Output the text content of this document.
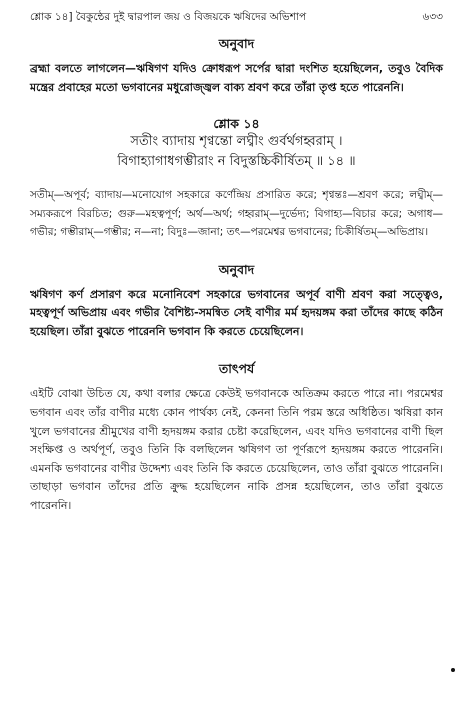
শ্লোক ১৪] বৈকুন্ঠের দুই দ্বারপাল জয় ও বিজয়কে ঋষিদের অভিশাপ	৬৩৩
অনুবাদ

ব্রহ্মা বলতে লাগলেন—ঋষিগণ যদিও ক্রোধরূপ সর্পের দ্বারা দংশিত হয়েছিলেন, তবুও বৈদিক মন্ত্রের প্রবাহের মতো ভগবানের মধুরোজ্জ্বল বাক্য শ্রবণ করে তাঁরা তৃপ্ত হতে পারেননি।

শ্লোক ১৪
সতীং ব্যাদায় শৃণ্বন্তো লঘ্বীং গুর্বর্থগহ্বরাম্ ।
বিগাহ্যাগাধগম্ভীরাং ন বিদুস্তচ্চিকীর্ষিতম্ ॥ ১৪ ॥

সতীম্—অপূর্ব; ব্যাদায়—মনোযোগ সহকারে কর্ণেন্দ্রিয় প্রসারিত করে; শৃণ্বন্তঃ—শ্রবণ করে; লঘ্বীম্—সম্যকরূপে বিরচিত; গুরু—মহত্বপূর্ণ; অর্থ—অর্থ; গহ্বরাম্—দুর্ভেদ্য; বিগাহ্য—বিচার করে; অগাধ—গভীর; গম্ভীরাম্—গম্ভীর; ন—না; বিদুঃ—জানা; তৎ—পরমেশ্বর ভগবানের; চিকীর্ষিতম্—অভিপ্রায়।

অনুবাদ

ঋষিগণ কর্ণ প্রসারণ করে মনোনিবেশ সহকারে ভগবানের অপূর্ব বাণী শ্রবণ করা সত্ত্বেও, মহত্বপূর্ণ অভিপ্রায় এবং গভীর বৈশিষ্ট্য-সমন্বিত সেই বাণীর মর্ম হৃদয়ঙ্গম করা তাঁদের কাছে কঠিন হয়েছিল। তাঁরা বুঝতে পারেননি ভগবান কি করতে চেয়েছিলেন।

তাৎপর্য

এইটি বোঝা উচিত যে, কথা বলার ক্ষেত্রে কেউই ভগবানকে অতিক্রম করতে পারে না। পরমেশ্বর ভগবান এবং তাঁর বাণীর মধ্যে কোন পার্থক্য নেই, কেননা তিনি পরম স্তরে অধিষ্ঠিত। ঋষিরা কান খুলে ভগবানের শ্রীমুখের বাণী হৃদয়ঙ্গম করার চেষ্টা করেছিলেন, এবং যদিও ভগবানের বাণী ছিল সংক্ষিপ্ত ও অর্থপূর্ণ, তবুও তিনি কি বলছিলেন ঋষিগণ তা পূর্ণরূপে হৃদয়ঙ্গম করতে পারেননি। এমনকি ভগবানের বাণীর উদ্দেশ্য এবং তিনি কি করতে চেয়েছিলেন, তাও তাঁরা বুঝতে পারেননি। তাছাড়া ভগবান তাঁদের প্রতি ক্রুদ্ধ হয়েছিলেন নাকি প্রসন্ন হয়েছিলেন, তাও তাঁরা বুঝতে পারেননি।
